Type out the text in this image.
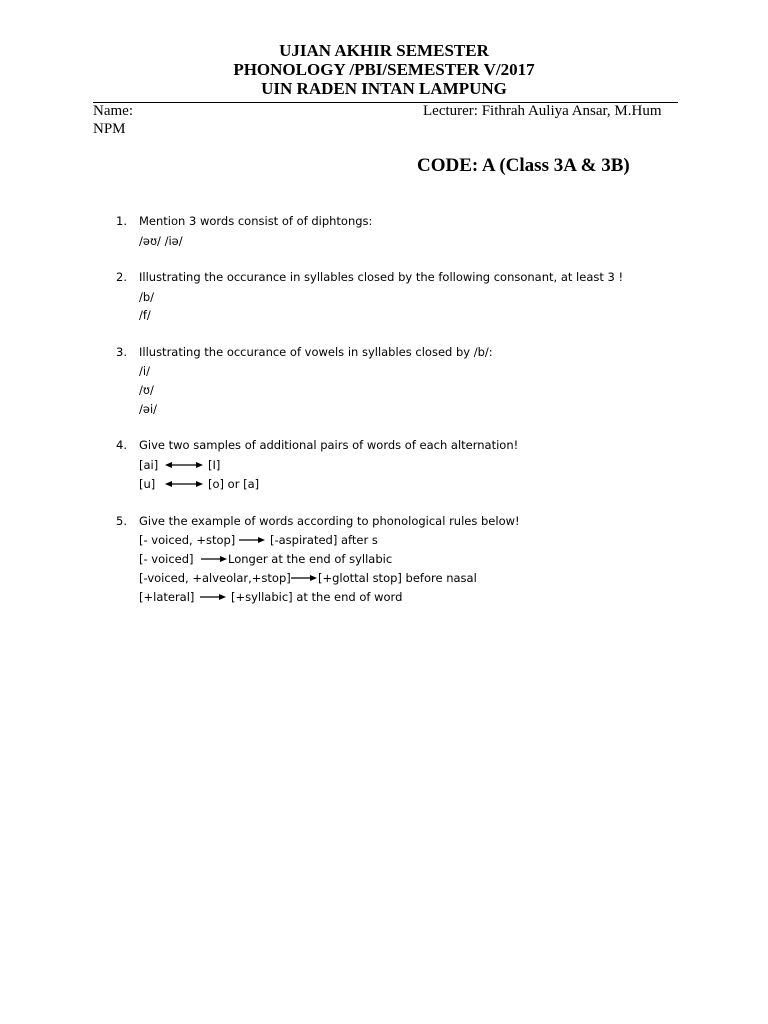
UJIAN AKHIR SEMESTER
PHONOLOGY /PBI/SEMESTER V/2017
UIN RADEN INTAN LAMPUNG
Name:
NPM
Lecturer: Fithrah Auliya Ansar, M.Hum
CODE: A (Class 3A & 3B)
1. Mention 3 words consist of of diphtongs:
/əʊ/ /iə/
2. Illustrating the occurance in syllables closed by the following consonant, at least 3 !
/b/
/f/
3. Illustrating the occurance of vowels in syllables closed by /b/:
/i/
/ʊ/
/əi/
4. Give two samples of additional pairs of words of each alternation!
[ai]	[I]
[u]	[o] or [a]
5. Give the example of words according to phonological rules below!
[- voiced, +stop]	[-aspirated] after s
[- voiced]	Longer at the end of syllabic
[-voiced, +alveolar,+stop] [+glottal stop] before nasal
[+lateral]	[+syllabic] at the end of word
